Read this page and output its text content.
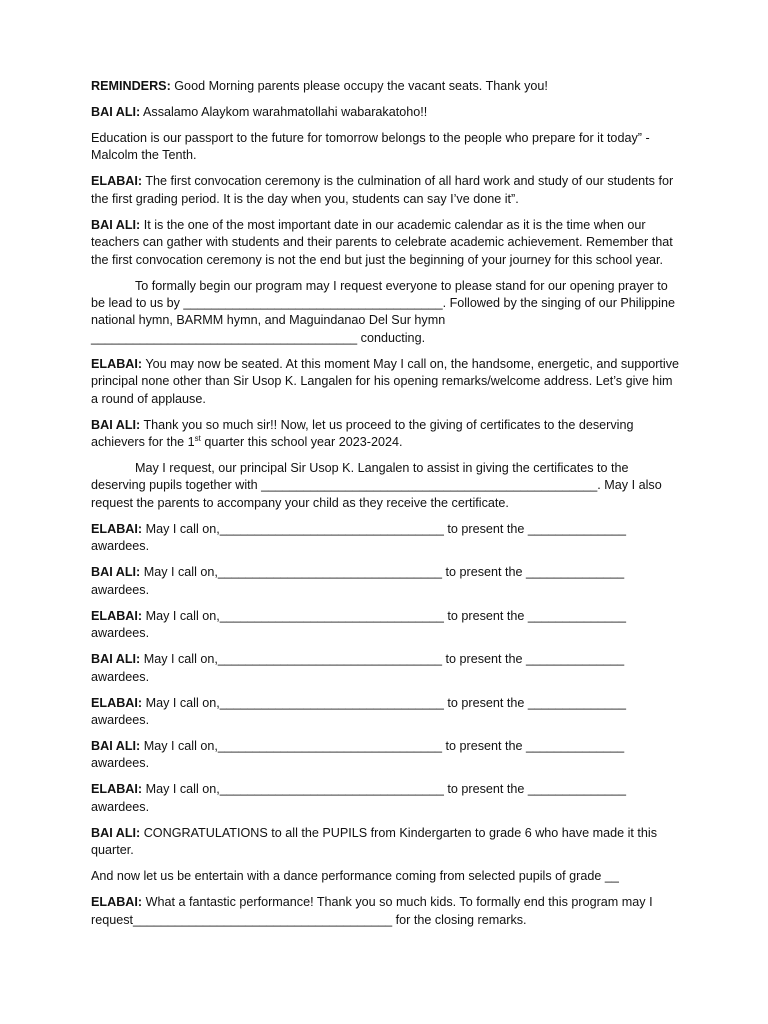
REMINDERS: Good Morning parents please occupy the vacant seats. Thank you!

BAI ALI: Assalamo Alaykom warahmatollahi wabarakatoho!!

Education is our passport to the future for tomorrow belongs to the people who prepare for it today” - Malcolm the Tenth.

ELABAI: The first convocation ceremony is the culmination of all hard work and study of our students for the first grading period. It is the day when you, students can say I’ve done it”.

BAI ALI: It is the one of the most important date in our academic calendar as it is the time when our teachers can gather with students and their parents to celebrate academic achievement. Remember that the first convocation ceremony is not the end but just the beginning of your journey for this school year.

To formally begin our program may I request everyone to please stand for our opening prayer to be lead to us by _____________________________________. Followed by the singing of our Philippine national hymn, BARMM hymn, and Maguindanao Del Sur hymn ______________________________________ conducting.

ELABAI: You may now be seated. At this moment May I call on, the handsome, energetic, and supportive principal none other than Sir Usop K. Langalen for his opening remarks/welcome address. Let’s give him a round of applause.

BAI ALI: Thank you so much sir!! Now, let us proceed to the giving of certificates to the deserving achievers for the 1st quarter this school year 2023-2024.

May I request, our principal Sir Usop K. Langalen to assist in giving the certificates to the deserving pupils together with ________________________________________________. May I also request the parents to accompany your child as they receive the certificate.

ELABAI: May I call on,________________________________ to present the ______________ awardees.

BAI ALI: May I call on,________________________________ to present the ______________ awardees.

ELABAI: May I call on,________________________________ to present the ______________ awardees.

BAI ALI: May I call on,________________________________ to present the ______________ awardees.

ELABAI: May I call on,________________________________ to present the ______________ awardees.

BAI ALI: May I call on,________________________________ to present the ______________ awardees.

ELABAI: May I call on,________________________________ to present the ______________ awardees.

BAI ALI: CONGRATULATIONS to all the PUPILS from Kindergarten to grade 6 who have made it this quarter.

And now let us be entertain with a dance performance coming from selected pupils of grade __

ELABAI: What a fantastic performance! Thank you so much kids. To formally end this program may I request_____________________________________ for the closing remarks.
